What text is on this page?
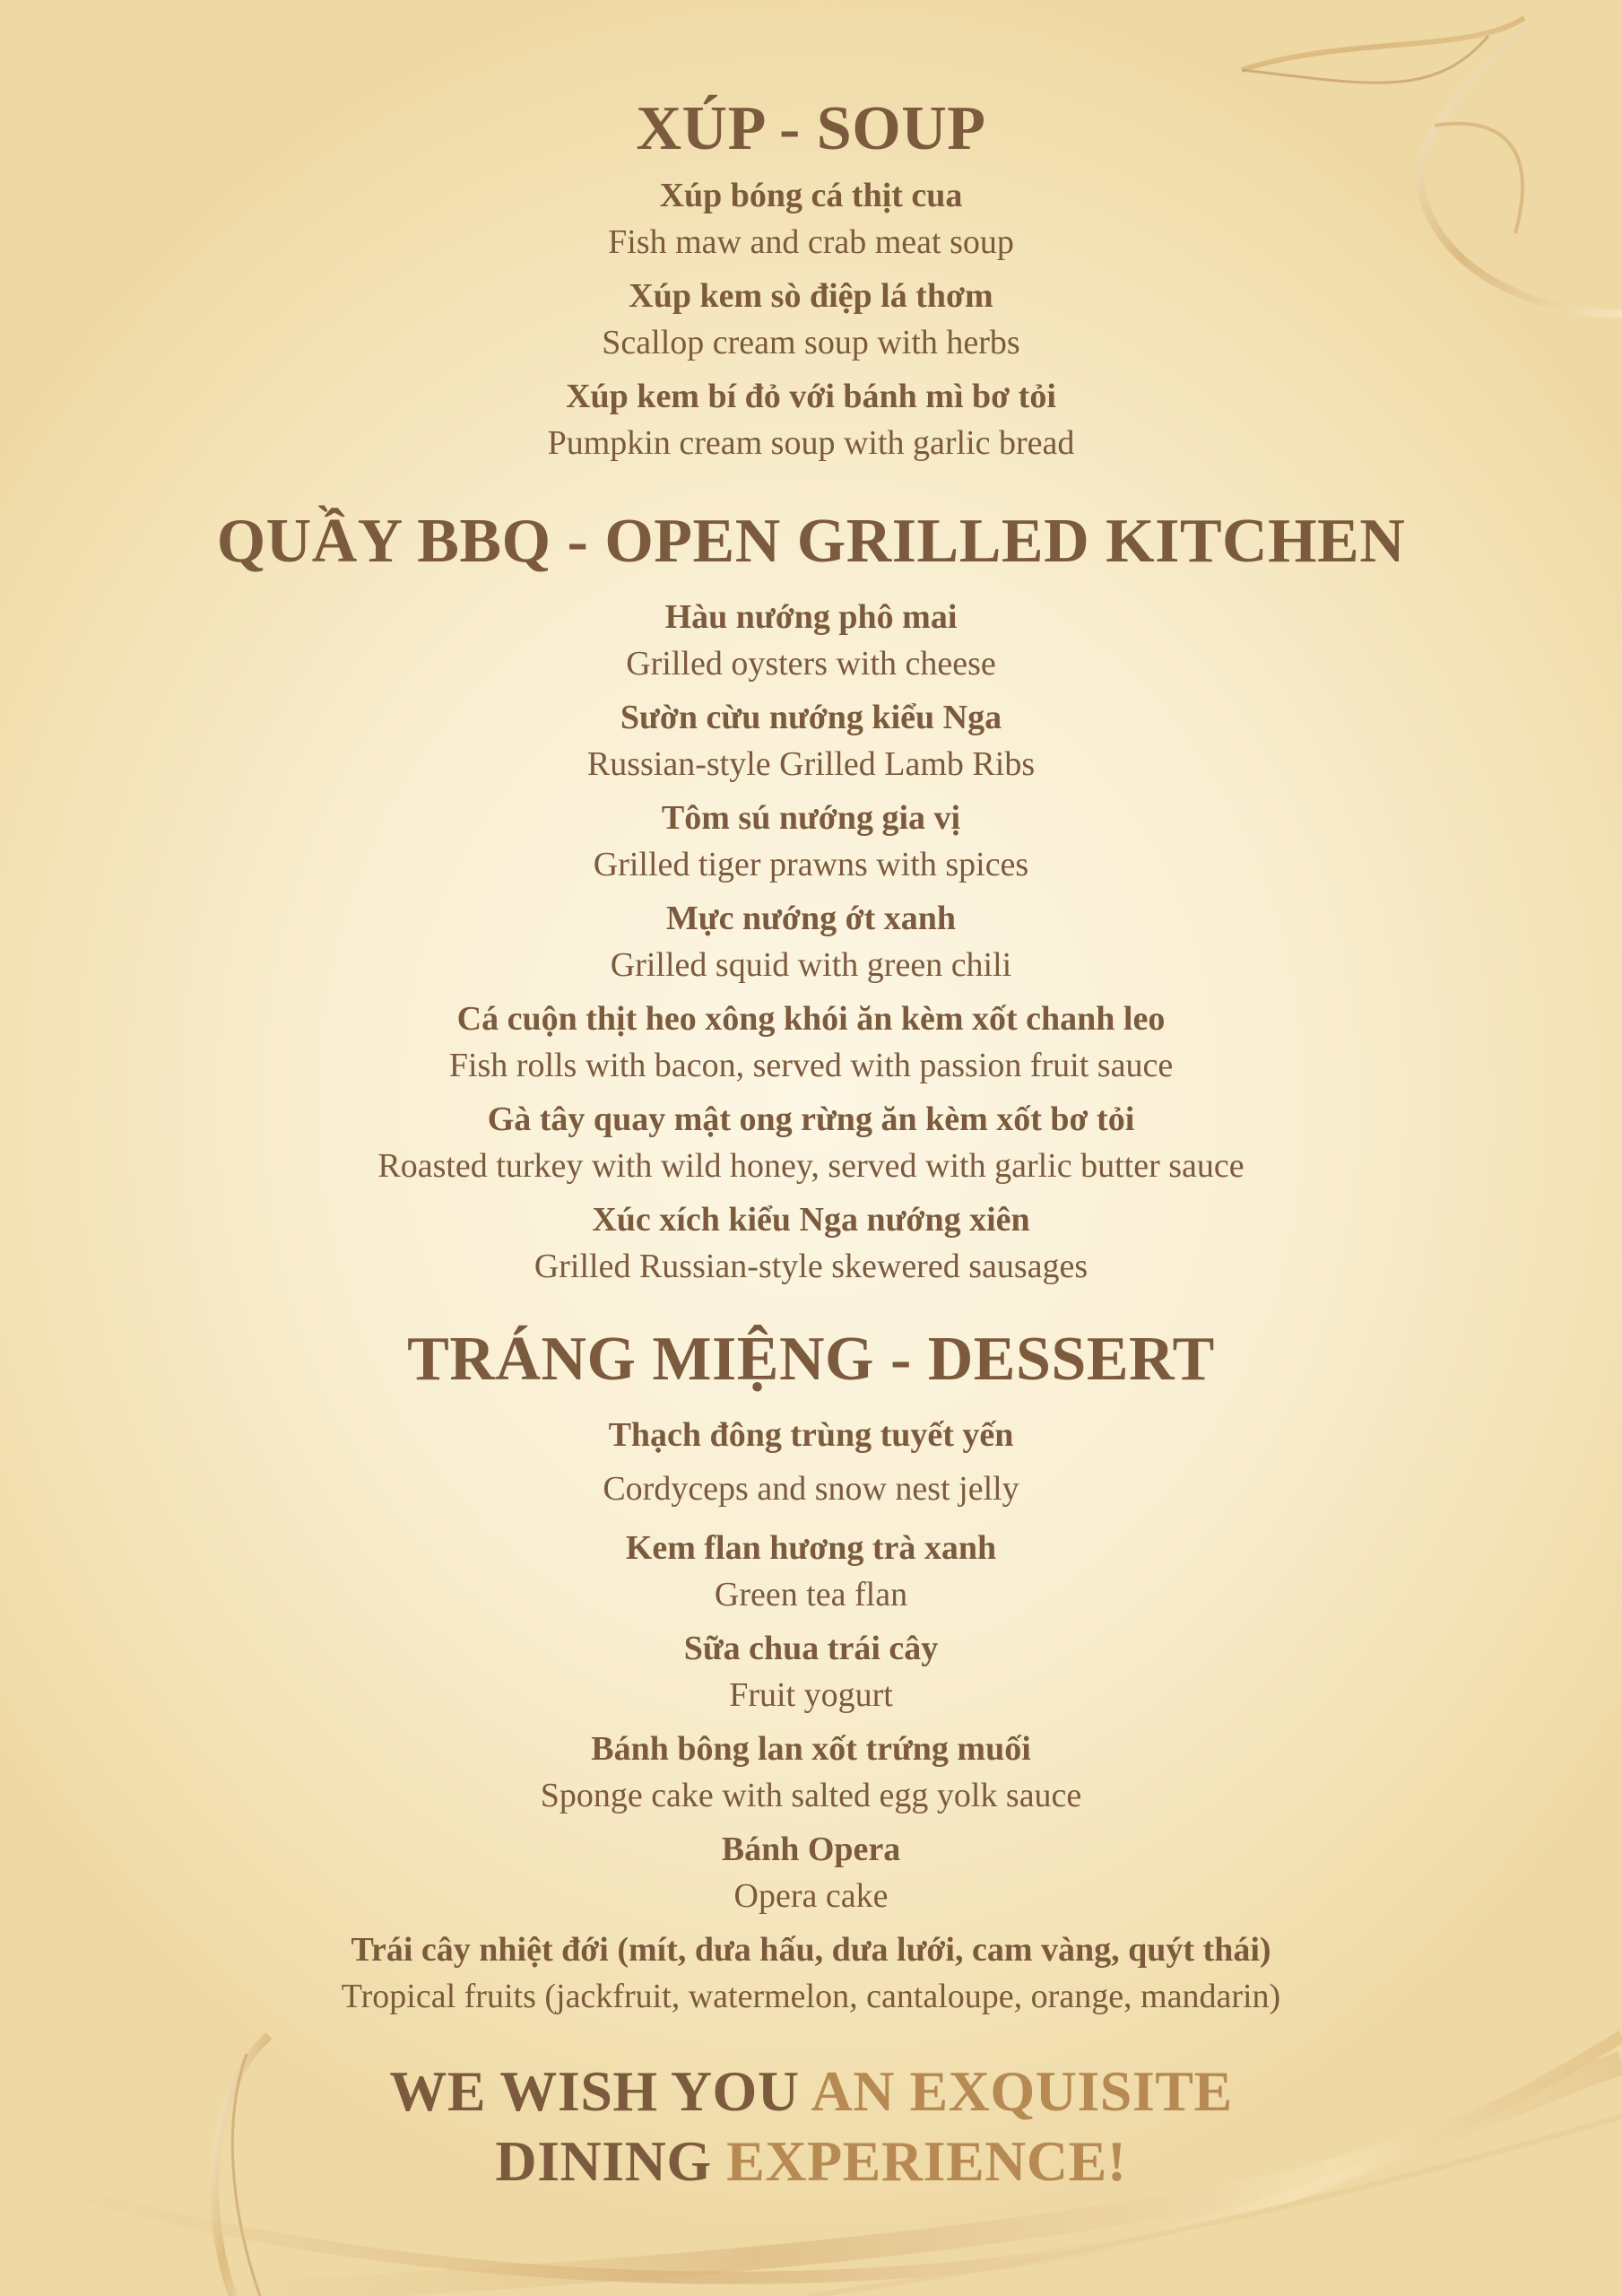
XÚP - SOUP
Xúp bóng cá thịt cua
Fish maw and crab meat soup
Xúp kem sò điệp lá thơm
Scallop cream soup with herbs
Xúp kem bí đỏ với bánh mì bơ tỏi
Pumpkin cream soup with garlic bread
QUẦY BBQ - OPEN GRILLED KITCHEN
Hàu nướng phô mai
Grilled oysters with cheese
Sườn cừu nướng kiểu Nga
Russian-style Grilled Lamb Ribs
Tôm sú nướng gia vị
Grilled tiger prawns with spices
Mực nướng ớt xanh
Grilled squid with green chili
Cá cuộn thịt heo xông khói ăn kèm xốt chanh leo
Fish rolls with bacon, served with passion fruit sauce
Gà tây quay mật ong rừng ăn kèm xốt bơ tỏi
Roasted turkey with wild honey, served with garlic butter sauce
Xúc xích kiểu Nga nướng xiên
Grilled Russian-style skewered sausages
TRÁNG MIỆNG - DESSERT
Thạch đông trùng tuyết yến
Cordyceps and snow nest jelly
Kem flan hương trà xanh
Green tea flan
Sữa chua trái cây
Fruit yogurt
Bánh bông lan xốt trứng muối
Sponge cake with salted egg yolk sauce
Bánh Opera
Opera cake
Trái cây nhiệt đới (mít, dưa hấu, dưa lưới, cam vàng, quýt thái)
Tropical fruits (jackfruit, watermelon, cantaloupe, orange, mandarin)
WE WISH YOU AN EXQUISITE
DINING EXPERIENCE!
